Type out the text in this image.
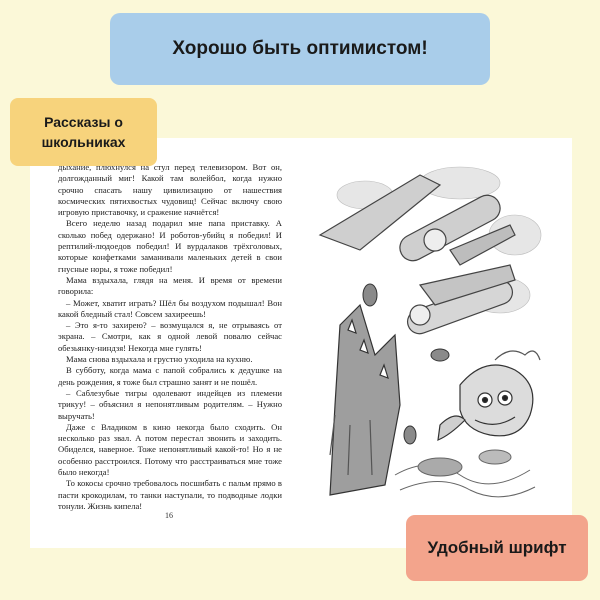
Хорошо быть оптимистом!
Рассказы о
школьниках

дыхание, плюхнулся на стул перед телевизором. Вот он, долгожданный миг! Какой там волейбол, когда нужно срочно спасать нашу цивилизацию от нашествия космических пятихвостых чудовищ! Сейчас включу свою игровую приставочку, и сражение начнётся!

Всего неделю назад подарил мне папа приставку. А сколько побед одержано! И роботов-убийц я победил! И рептилий-людоедов победил! И вурдалаков трёхголовых, которые конфетками заманивали маленьких детей в свои гнусные норы, я тоже победил!

Мама вздыхала, глядя на меня. И время от времени говорила:

– Может, хватит играть? Шёл бы воздухом подышал! Вон какой бледный стал! Совсем захиреешь!

– Это я-то захирею? – возмущался я, не отрываясь от экрана. – Смотри, как я одной левой повалю сейчас обезьянку-ниндзя! Некогда мне гулять!

Мама снова вздыхала и грустно уходила на кухню.

В субботу, когда мама с папой собрались к дедушке на день рождения, я тоже был страшно занят и не пошёл.

– Саблезубые тигры одолевают индейцев из племени трикуу! – объяснил я непонятливым родителям. – Нужно выручать!

Даже с Владиком в кино некогда было сходить. Он несколько раз звал. А потом перестал звонить и заходить. Обиделся, наверное. Тоже непонятливый какой-то! Но я не особенно расстроился. Потому что расстраиваться мне тоже было некогда!

То кокосы срочно требовалось посшибать с пальм прямо в пасти крокодилам, то танки наступали, то подводные лодки тонули. Жизнь кипела!

16
Удобный шрифт
